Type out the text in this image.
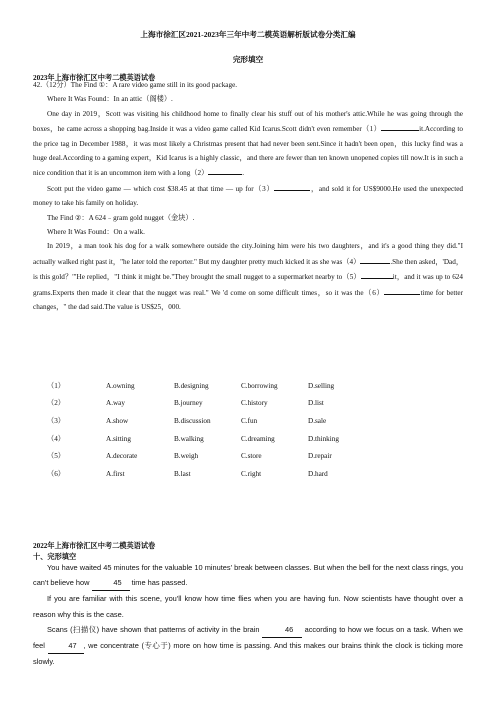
上海市徐汇区2021-2023年三年中考二模英语解析版试卷分类汇编
完形填空
2023年上海市徐汇区中考二模英语试卷
42.（12分）The Find ①：A rare video game still in its good package.
Where It Was Found：In an attic（阁楼）.
One day in 2019，Scott was visiting his childhood home to finally clear his stuff out of his mother's attic.While he was going through the boxes，he came across a shopping bag.Inside it was a video game called Kid Icarus.Scott didn't even remember（1）	it.According to the price tag in December 1988，it was most likely a Christmas present that had never been sent.Since it hadn't been open，this lucky find was a huge deal.According to a gaming expert，Kid Icarus is a highly classic，and there are fewer than ten known unopened copies till now.It is in such a nice condition that it is an uncommon item with a long（2）	.
Scott put the video game — which cost $38.45 at that time — up for（3）	，and sold it for US$9000.He used the unexpected money to take his family on holiday.
The Find ②：A 624﹣gram gold nugget（金块）.
Where It Was Found：On a walk.
In 2019，a man took his dog for a walk somewhere outside the city.Joining him were his two daughters，and it's a good thing they did."I actually walked right past it，"he later told the reporter." But my daughter pretty much kicked it as she was（4）	.She then asked，'Dad，is this gold？'"He replied，"I think it might be."They brought the small nugget to a supermarket nearby to（5）	it，and it was up to 624 grams.Experts then made it clear that the nugget was real." We 'd come on some difficult times，so it was the（6）	time for better changes，" the dad said.The value is US$25，000.
（1）	A.owning	B.designing	C.borrowing	D.selling
（2）	A.way	B.journey	C.history	D.list
（3）	A.show	B.discussion	C.fun	D.sale
（4）	A.sitting	B.walking	C.dreaming	D.thinking
（5）	A.decorate	B.weigh	C.store	D.repair
（6）	A.first	B.last	C.right	D.hard
2022年上海市徐汇区中考二模英语试卷
十、完形填空
You have waited 45 minutes for the valuable 10 minutes' break between classes. But when the bell for the next class rings, you can't believe how	45 time has passed.
If you are familiar with this scene, you'll know how time flies when you are having fun. Now scientists have thought over a reason why this is the case.
Scans (扫描仪) have shown that patterns of activity in the brain	46 according to how we focus on a task. When we feel	47 , we concentrate (专心于) more on how time is passing. And this makes our brains think the clock is ticking more slowly.
